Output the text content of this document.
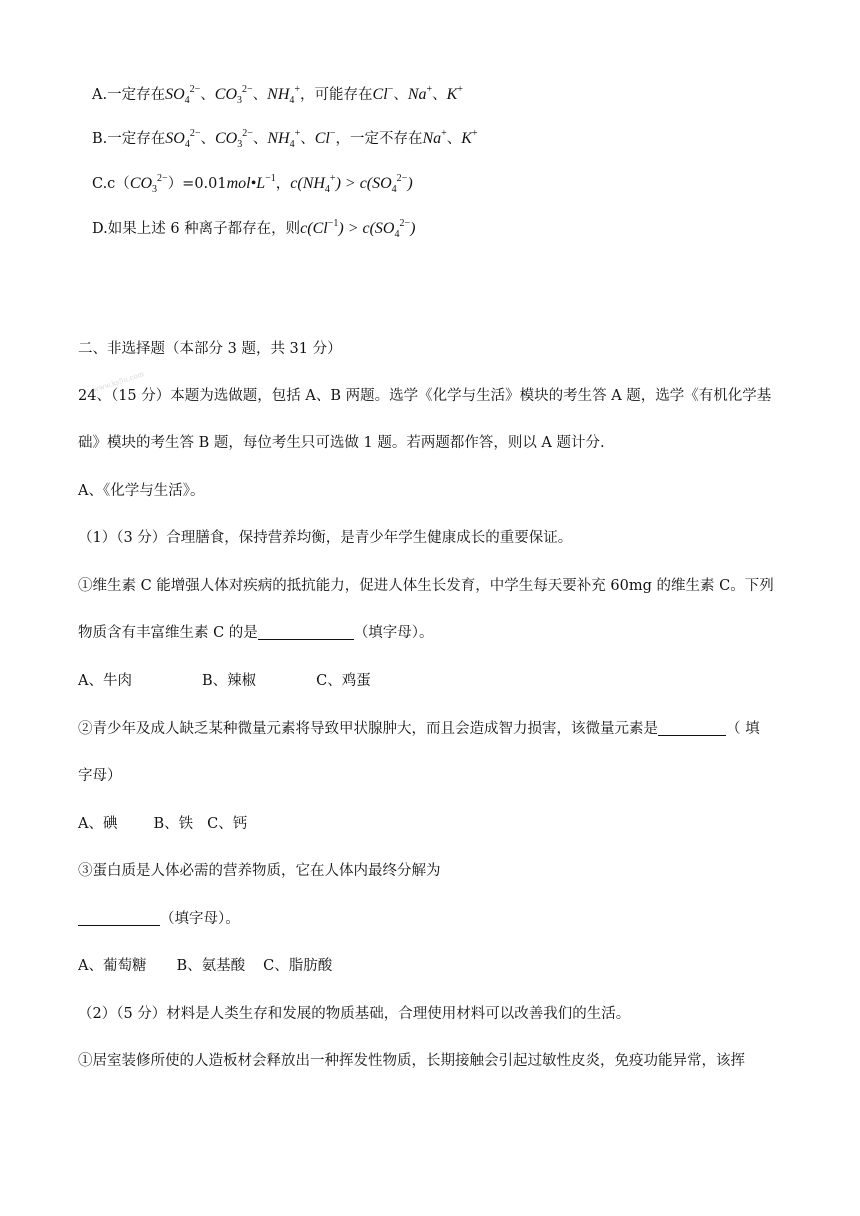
A.一定存在$SO_4^{2-}$、$CO_3^{2-}$、$NH_4^+$，可能存在Cl−、Na+、K+
B.一定存在$SO_4^{2-}$、$CO_3^{2-}$、$NH_4^+$、Cl−，一定不存在Na+、K+
$C.c(CO_3^{2-})=0.01mol•L^{-1}$，$c(NH_4^+) > c(SO_4^{2-})$
D.如果上述 6 种离子都存在，则$c(Cl^{-1}) > c(SO_4^{2-})$
二、非选择题（本部分 3 题，共 31 分）
www.ks5u.com
24、（15 分）本题为选做题，包括 A、B 两题。选学《化学与生活》模块的考生答 A 题，选学《有机化学基
础》模块的考生答 B 题，每位考生只可选做 1 题。若两题都作答，则以 A 题计分.
A、《化学与生活》。
（1）（3 分）合理膳食，保持营养均衡，是青少年学生健康成长的重要保证。
①维生素 C 能增强人体对疾病的抵抗能力，促进人体生长发育，中学生每天要补充 60mg 的维生素 C。下列
物质含有丰富维生素 C 的是	（填字母）。
A、牛肉	B、辣椒	C、鸡蛋
②青少年及成人缺乏某种微量元素将导致甲状腺肿大，而且会造成智力损害，该微量元素是	（ 填
字母）
A、碘 B、铁 C、钙
③蛋白质是人体必需的营养物质，它在人体内最终分解为
（填字母）。
A、葡萄糖 B、氨基酸 C、脂肪酸
（2）（5 分）材料是人类生存和发展的物质基础，合理使用材料可以改善我们的生活。
①居室装修所使的人造板材会释放出一种挥发性物质，长期接触会引起过敏性皮炎，免疫功能异常，该挥
